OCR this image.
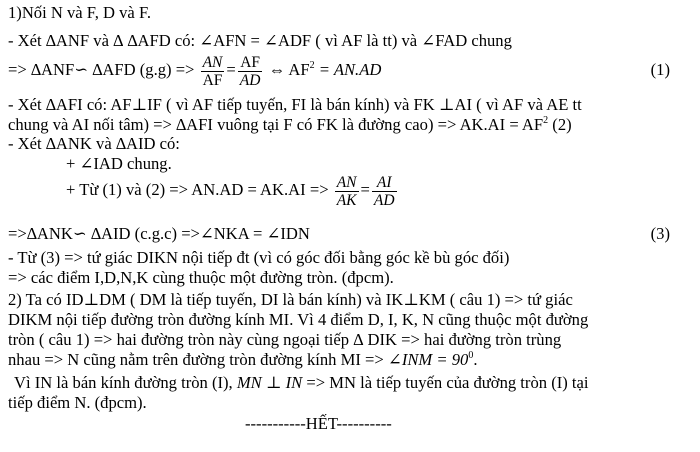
1)Nối N và F, D và F.
- Xét ∆ANF và ∆ ∆AFD có: ∠AFN = ∠ADF ( vì AF là tt) và ∠FAD chung
=> ∆ANF∽ ∆AFD $(g.g) => \frac{AN}{AF} = \frac{AF}{AD}$ ⇔ $AF^2 = AN.AD$	(1)
- Xét ∆AFI có: AF⊥IF ( vì AF tiếp tuyến, FI là bán kính) và FK ⊥AI ( vì AF và AE tt
chung và AI nối tâm) => ∆AFI vuông tại F có FK là đường $cao) => AK.AI = AF^2$ (2)
- Xét ∆ANK và ∆AID có:
+ ∠IAD chung.
+ Từ (1) và $(2) => AN.AD = AK.AI => \frac{AN}{AK} = \frac{AI}{AD}$
=>∆ANK∽ ∆AID (c.g.c) =>∠NKA = ∠IDN	(3)
- Từ (3) => tứ giác DIKN nội tiếp đt (vì có góc đối bằng góc kề bù góc đối)
=> các điểm I,D,N,K cùng thuộc một đường tròn. (đpcm).
2) Ta có ID⊥DM ( DM là tiếp tuyến, DI là bán kính) và IK⊥KM ( câu 1) => tứ giác
DIKM nội tiếp đường tròn đường kính MI. Vì 4 điểm D, I, K, N cũng thuộc một đường
tròn ( câu 1) => hai đường tròn này cùng ngoại tiếp ∆ DIK => hai đường tròn trùng
nhau => N cũng nằm trên đường tròn đường kính MI => ∠INM = $90^0$.
Vì IN là bán kính đường tròn (I), MN ⊥ IN => MN là tiếp tuyến của đường tròn (I) tại
tiếp điểm N. (đpcm).
-----------HẾT----------
